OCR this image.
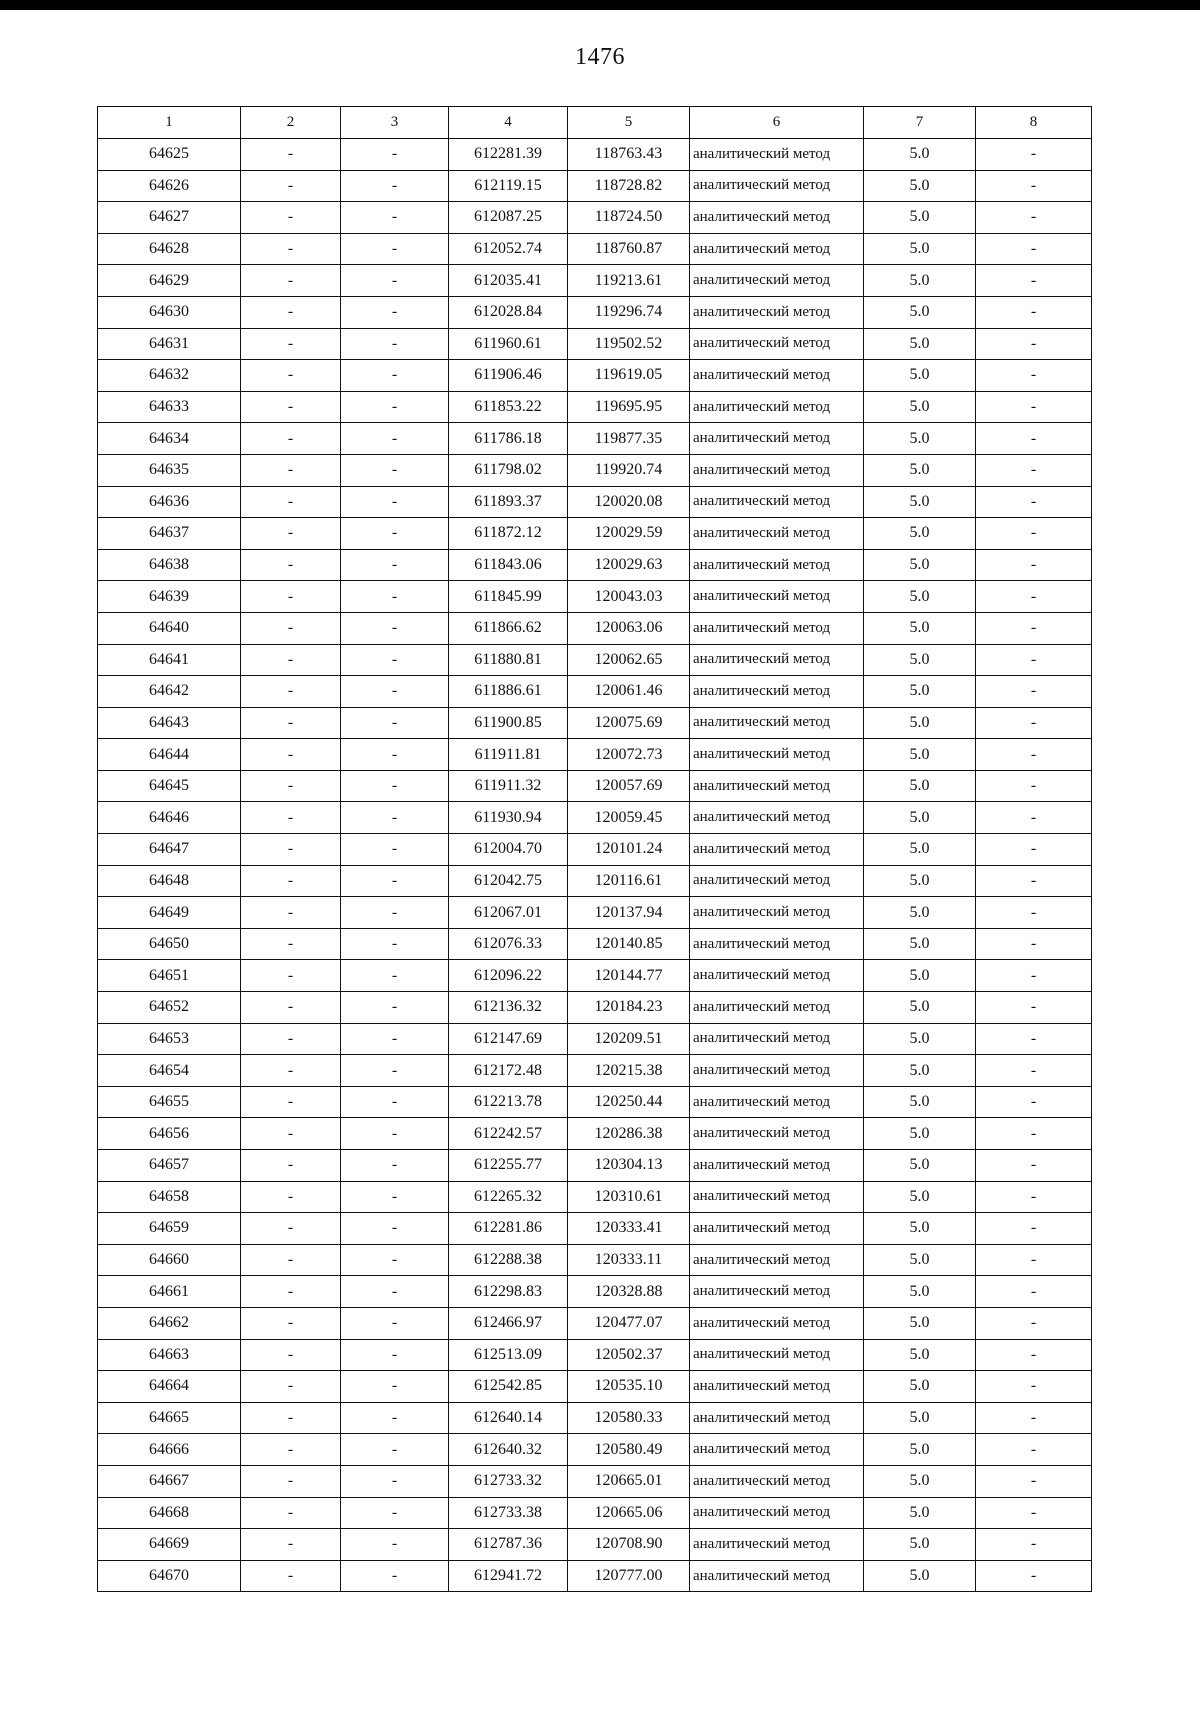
1476
1	2	3	4	5	6	7	8
64625	-	-	612281.39	118763.43	аналитический метод	5.0	-
64626	-	-	612119.15	118728.82	аналитический метод	5.0	-
64627	-	-	612087.25	118724.50	аналитический метод	5.0	-
64628	-	-	612052.74	118760.87	аналитический метод	5.0	-
64629	-	-	612035.41	119213.61	аналитический метод	5.0	-
64630	-	-	612028.84	119296.74	аналитический метод	5.0	-
64631	-	-	611960.61	119502.52	аналитический метод	5.0	-
64632	-	-	611906.46	119619.05	аналитический метод	5.0	-
64633	-	-	611853.22	119695.95	аналитический метод	5.0	-
64634	-	-	611786.18	119877.35	аналитический метод	5.0	-
64635	-	-	611798.02	119920.74	аналитический метод	5.0	-
64636	-	-	611893.37	120020.08	аналитический метод	5.0	-
64637	-	-	611872.12	120029.59	аналитический метод	5.0	-
64638	-	-	611843.06	120029.63	аналитический метод	5.0	-
64639	-	-	611845.99	120043.03	аналитический метод	5.0	-
64640	-	-	611866.62	120063.06	аналитический метод	5.0	-
64641	-	-	611880.81	120062.65	аналитический метод	5.0	-
64642	-	-	611886.61	120061.46	аналитический метод	5.0	-
64643	-	-	611900.85	120075.69	аналитический метод	5.0	-
64644	-	-	611911.81	120072.73	аналитический метод	5.0	-
64645	-	-	611911.32	120057.69	аналитический метод	5.0	-
64646	-	-	611930.94	120059.45	аналитический метод	5.0	-
64647	-	-	612004.70	120101.24	аналитический метод	5.0	-
64648	-	-	612042.75	120116.61	аналитический метод	5.0	-
64649	-	-	612067.01	120137.94	аналитический метод	5.0	-
64650	-	-	612076.33	120140.85	аналитический метод	5.0	-
64651	-	-	612096.22	120144.77	аналитический метод	5.0	-
64652	-	-	612136.32	120184.23	аналитический метод	5.0	-
64653	-	-	612147.69	120209.51	аналитический метод	5.0	-
64654	-	-	612172.48	120215.38	аналитический метод	5.0	-
64655	-	-	612213.78	120250.44	аналитический метод	5.0	-
64656	-	-	612242.57	120286.38	аналитический метод	5.0	-
64657	-	-	612255.77	120304.13	аналитический метод	5.0	-
64658	-	-	612265.32	120310.61	аналитический метод	5.0	-
64659	-	-	612281.86	120333.41	аналитический метод	5.0	-
64660	-	-	612288.38	120333.11	аналитический метод	5.0	-
64661	-	-	612298.83	120328.88	аналитический метод	5.0	-
64662	-	-	612466.97	120477.07	аналитический метод	5.0	-
64663	-	-	612513.09	120502.37	аналитический метод	5.0	-
64664	-	-	612542.85	120535.10	аналитический метод	5.0	-
64665	-	-	612640.14	120580.33	аналитический метод	5.0	-
64666	-	-	612640.32	120580.49	аналитический метод	5.0	-
64667	-	-	612733.32	120665.01	аналитический метод	5.0	-
64668	-	-	612733.38	120665.06	аналитический метод	5.0	-
64669	-	-	612787.36	120708.90	аналитический метод	5.0	-
64670	-	-	612941.72	120777.00	аналитический метод	5.0	-
